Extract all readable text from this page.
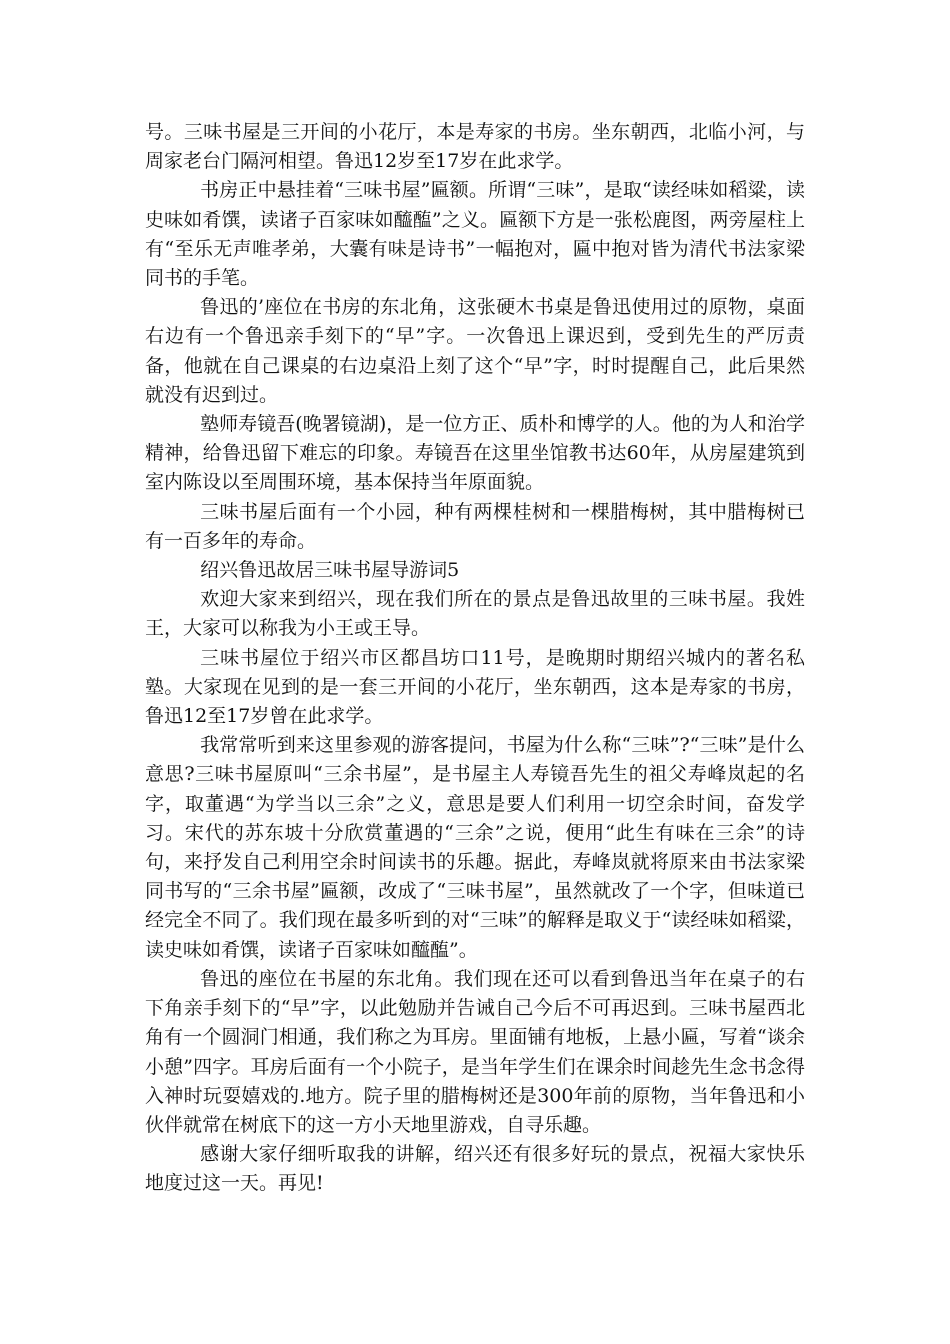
号。三味书屋是三开间的小花厅，本是寿家的书房。坐东朝西，北临小河，与周家老台门隔河相望。鲁迅12岁至17岁在此求学。

书房正中悬挂着“三味书屋”匾额。所谓“三味”，是取“读经味如稻粱，读史味如肴馔，读诸子百家味如醯醢”之义。匾额下方是一张松鹿图，两旁屋柱上有“至乐无声唯孝弟，大囊有味是诗书”一幅抱对，匾中抱对皆为清代书法家梁同书的手笔。

鲁迅的’座位在书房的东北角，这张硬木书桌是鲁迅使用过的原物，桌面右边有一个鲁迅亲手刻下的“早”字。一次鲁迅上课迟到，受到先生的严厉责备，他就在自己课桌的右边桌沿上刻了这个“早”字，时时提醒自己，此后果然就没有迟到过。

塾师寿镜吾(晚署镜湖)，是一位方正、质朴和博学的人。他的为人和治学精神，给鲁迅留下难忘的印象。寿镜吾在这里坐馆教书达60年，从房屋建筑到室内陈设以至周围环境，基本保持当年原面貌。

三味书屋后面有一个小园，种有两棵桂树和一棵腊梅树，其中腊梅树已有一百多年的寿命。

绍兴鲁迅故居三味书屋导游词5

欢迎大家来到绍兴，现在我们所在的景点是鲁迅故里的三味书屋。我姓王，大家可以称我为小王或王导。

三味书屋位于绍兴市区都昌坊口11号，是晚期时期绍兴城内的著名私塾。大家现在见到的是一套三开间的小花厅，坐东朝西，这本是寿家的书房，鲁迅12至17岁曾在此求学。

我常常听到来这里参观的游客提问，书屋为什么称“三味”?“三味”是什么意思?三味书屋原叫“三余书屋”，是书屋主人寿镜吾先生的祖父寿峰岚起的名字，取董遇“为学当以三余”之义，意思是要人们利用一切空余时间，奋发学习。宋代的苏东坡十分欣赏董遇的“三余”之说，便用“此生有味在三余”的诗句，来抒发自己利用空余时间读书的乐趣。据此，寿峰岚就将原来由书法家梁同书写的“三余书屋”匾额，改成了“三味书屋”，虽然就改了一个字，但味道已经完全不同了。我们现在最多听到的对“三味”的解释是取义于“读经味如稻粱，读史味如肴馔，读诸子百家味如醯醢”。

鲁迅的座位在书屋的东北角。我们现在还可以看到鲁迅当年在桌子的右下角亲手刻下的“早”字，以此勉励并告诫自己今后不可再迟到。三味书屋西北角有一个圆洞门相通，我们称之为耳房。里面铺有地板，上悬小匾，写着“谈余小憩”四字。耳房后面有一个小院子，是当年学生们在课余时间趁先生念书念得入神时玩耍嬉戏的.地方。院子里的腊梅树还是300年前的原物，当年鲁迅和小伙伴就常在树底下的这一方小天地里游戏，自寻乐趣。

感谢大家仔细听取我的讲解，绍兴还有很多好玩的景点，祝福大家快乐地度过这一天。再见!
